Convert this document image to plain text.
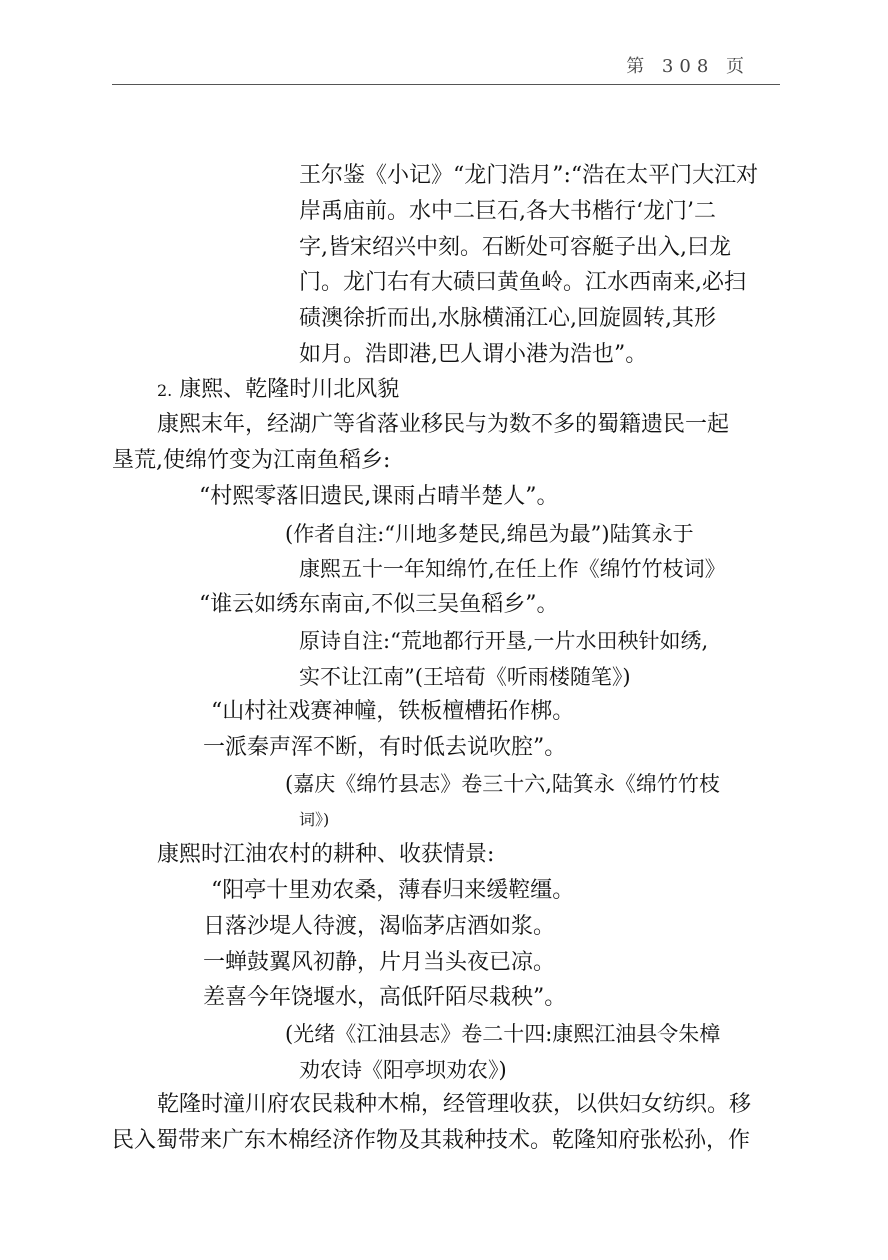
第 308 页
王尔鉴《小记》“龙门浩月”:“浩在太平门大江对
岸禹庙前。水中二巨石,各大书楷行‘龙门’二
字,皆宋绍兴中刻。石断处可容艇子出入,曰龙
门。龙门右有大碛曰黄鱼岭。江水西南来,必扫
碛澳徐折而出,水脉横涌江心,回旋圆转,其形
如月。浩即港,巴人谓小港为浩也”。
2. 康熙、乾隆时川北风貌
康熙末年，经湖广等省落业移民与为数不多的蜀籍遗民一起
垦荒,使绵竹变为江南鱼稻乡:
“村熙零落旧遗民,课雨占晴半楚人”。
(作者自注:“川地多楚民,绵邑为最”)陆箕永于
康熙五十一年知绵竹,在任上作《绵竹竹枝词》
“谁云如绣东南亩,不似三吴鱼稻乡”。
原诗自注:“荒地都行开垦,一片水田秧针如绣,
实不让江南”(王培荀《听雨楼随笔》)
“山村社戏赛神幢，铁板檀槽拓作梆。
一派秦声浑不断，有时低去说吹腔”。
(嘉庆《绵竹县志》卷三十六,陆箕永《绵竹竹枝
词》)
康熙时江油农村的耕种、收获情景:
“阳亭十里劝农桑，薄春归来缓鞚缰。
日落沙堤人待渡，渴临茅店酒如浆。
一蝉鼓翼风初静，片月当头夜已凉。
差喜今年饶堰水，高低阡陌尽栽秧”。
(光绪《江油县志》卷二十四:康熙江油县令朱樟
劝农诗《阳亭坝劝农》)
乾隆时潼川府农民栽种木棉，经管理收获，以供妇女纺织。移
民入蜀带来广东木棉经济作物及其栽种技术。乾隆知府张松孙，作
